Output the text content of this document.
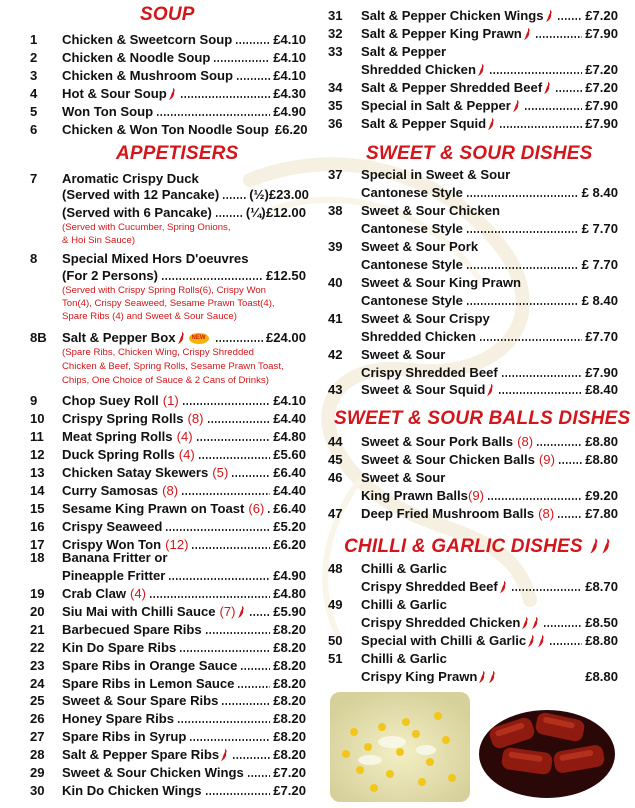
SOUP
1	Chicken & Sweetcorn Soup	£4.10
2	Chicken & Noodle Soup	£4.10
3	Chicken & Mushroom Soup	£4.10
4	Hot & Sour Soup	£4.30
5	Won Ton Soup	£4.90
6	Chicken & Won Ton Noodle Soup £6.20
APPETISERS
7	Aromatic Crispy Duck
(Served with 12 Pancake) (½) £23.00
(Served with 6 Pancake)	(¼) £12.00
(Served with Cucumber, Spring Onions,
& Hoi Sin Sauce)
8	Special Mixed Hors D'oeuvres
(For 2 Persons)	£12.50
(Served with Crispy Spring Rolls(6), Crispy Won
Ton(4), Crispy Seaweed, Sesame Prawn Toast(4),
Spare Ribs (4) and Sweet & Sour Sauce)
8B	Salt & Pepper Box	NEW	£24.00
(Spare Ribs, Chicken Wing, Crispy Shredded
Chicken & Beef, Spring Rolls, Sesame Prawn Toast,
Chips, One Choice of Sauce & 2 Cans of Drinks)
9	Chop Suey Roll (1)	£4.10
10	Crispy Spring Rolls (8)	£4.40
11	Meat Spring Rolls (4)	£4.80
12	Duck Spring Rolls (4)	£5.60
13	Chicken Satay Skewers (5)	£6.40
14	Curry Samosas (8)	£4.40
15	Sesame King Prawn on Toast (6) £6.40
16	Crispy Seaweed	£5.20
17	Crispy Won Ton (12)	£6.20
18	Banana Fritter or
Pineapple Fritter	£4.90
19	Crab Claw (4)	£4.80
20	Siu Mai with Chilli Sauce (7)	£5.90
21	Barbecued Spare Ribs	£8.20
22	Kin Do Spare Ribs	£8.20
23	Spare Ribs in Orange Sauce	£8.20
24	Spare Ribs in Lemon Sauce	£8.20
25	Sweet & Sour Spare Ribs	£8.20
26	Honey Spare Ribs	£8.20
27	Spare Ribs in Syrup	£8.20
28	Salt & Pepper Spare Ribs	£8.20
29	Sweet & Sour Chicken Wings £7.20
30	Kin Do Chicken Wings	£7.20
31	Salt & Pepper Chicken Wings	£7.20
32	Salt & Pepper King Prawn	£7.90
33	Salt & Pepper
Shredded Chicken	£7.20
34	Salt & Pepper Shredded Beef	£7.20
35	Special in Salt & Pepper	£7.90
36	Salt & Pepper Squid	£7.90
SWEET & SOUR DISHES
37	Special in Sweet & Sour
Cantonese Style	£ 8.40
38	Sweet & Sour Chicken
Cantonese Style	£ 7.70
39	Sweet & Sour Pork
Cantonese Style	£ 7.70
40	Sweet & Sour King Prawn
Cantonese Style	£ 8.40
41	Sweet & Sour Crispy
Shredded Chicken	£7.70
42	Sweet & Sour
Crispy Shredded Beef	£7.90
43	Sweet & Sour Squid	£8.40
SWEET & SOUR BALLS DISHES
44	Sweet & Sour Pork Balls (8)	£8.80
45	Sweet & Sour Chicken Balls (9) £8.80
46	Sweet & Sour
King Prawn Balls (9)	£9.20
47	Deep Fried Mushroom Balls (8) £7.80
CHILLI & GARLIC DISHES
48	Chilli & Garlic
Crispy Shredded Beef	£8.70
49	Chilli & Garlic
Crispy Shredded Chicken	£8.50
50	Special with Chilli & Garlic	£8.80
51	Chilli & Garlic
Crispy King Prawn	£8.80
